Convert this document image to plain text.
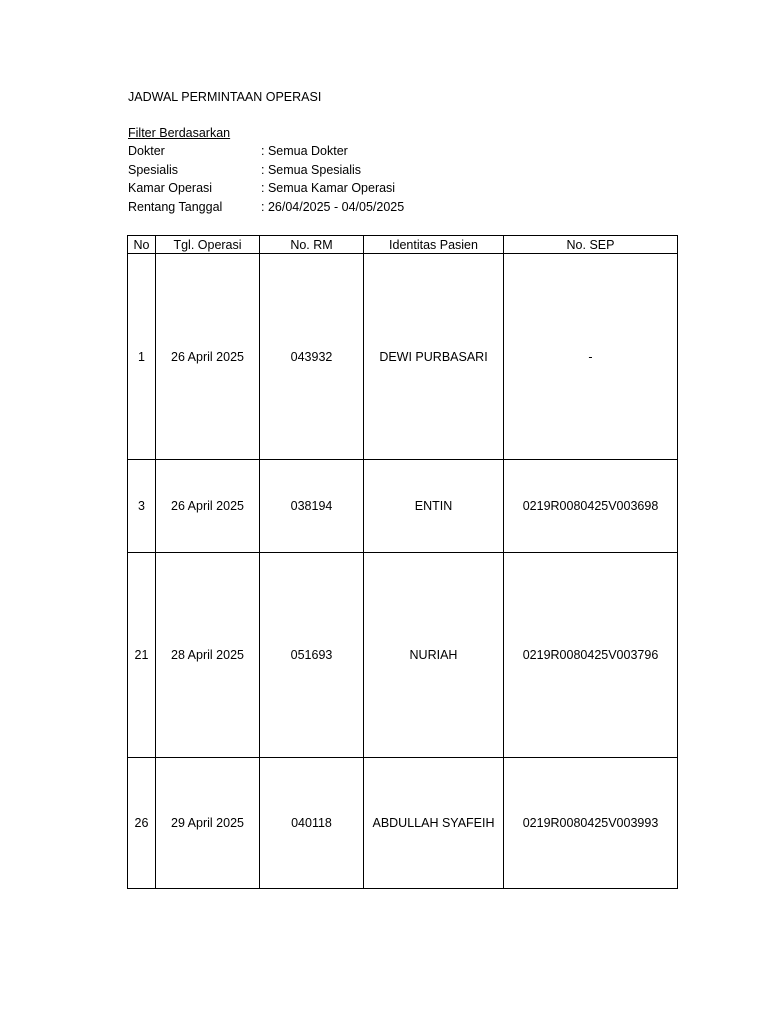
JADWAL PERMINTAAN OPERASI
Filter Berdasarkan
Dokter	: Semua Dokter
Spesialis	: Semua Spesialis
Kamar Operasi	: Semua Kamar Operasi
Rentang Tanggal	: 26/04/2025 - 04/05/2025
No	Tgl. Operasi	No. RM	Identitas Pasien	No. SEP
1	26 April 2025	043932	DEWI PURBASARI	-
3	26 April 2025	038194	ENTIN	0219R0080425V003698
21	28 April 2025	051693	NURIAH	0219R0080425V003796
26	29 April 2025	040118	ABDULLAH SYAFEIH	0219R0080425V003993
